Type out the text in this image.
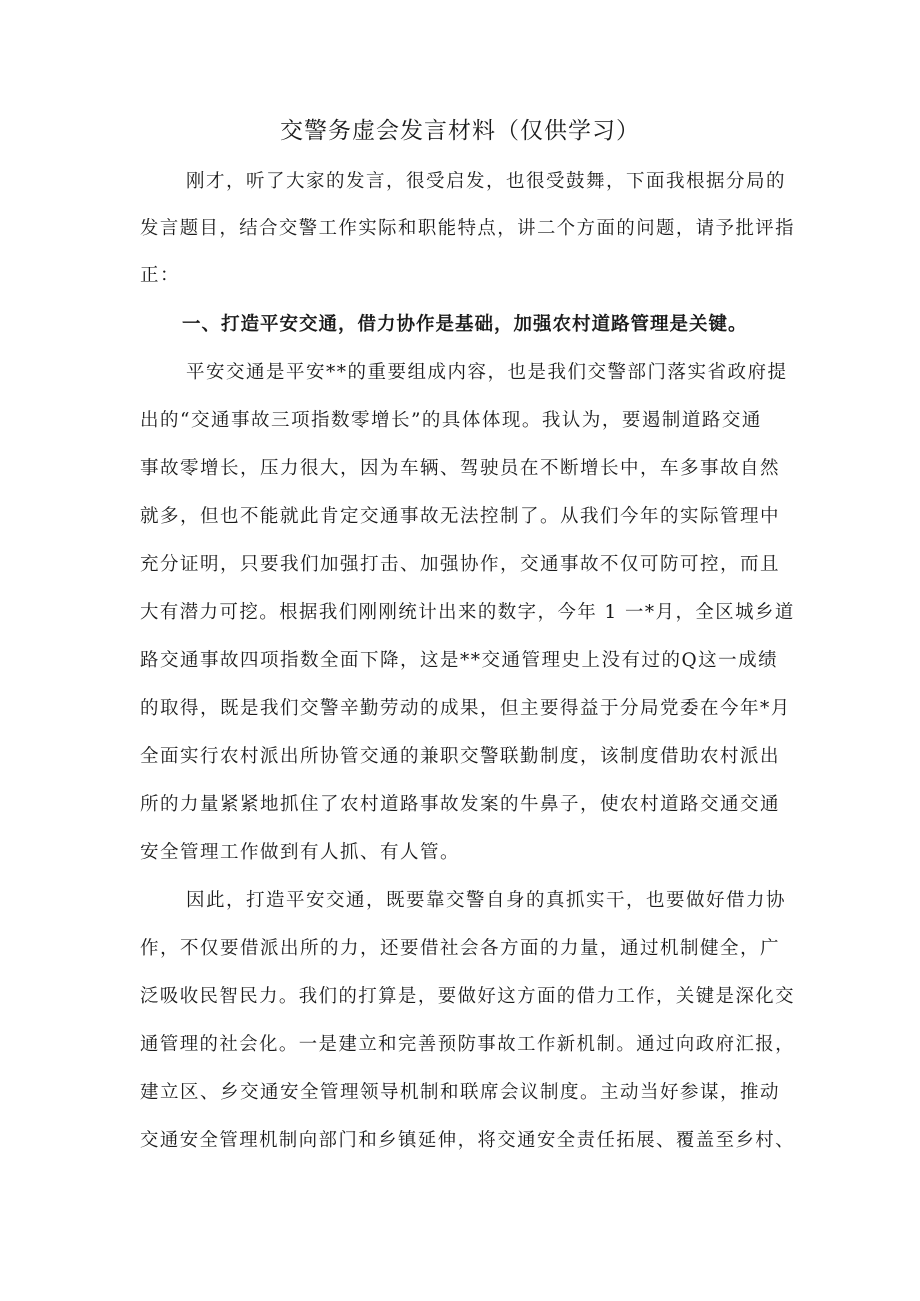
交警务虚会发言材料（仅供学习）
刚才，听了大家的发言，很受启发，也很受鼓舞，下面我根据分局的
发言题目，结合交警工作实际和职能特点，讲二个方面的问题，请予批评指
正：
一、打造平安交通，借力协作是基础，加强农村道路管理是关键。
平安交通是平安**的重要组成内容，也是我们交警部门落实省政府提
出的“交通事故三项指数零增长”的具体体现。我认为，要遏制道路交通
事故零增长，压力很大，因为车辆、驾驶员在不断增长中，车多事故自然
就多，但也不能就此肯定交通事故无法控制了。从我们今年的实际管理中
充分证明，只要我们加强打击、加强协作，交通事故不仅可防可控，而且
大有潜力可挖。根据我们刚刚统计出来的数字，今年 1 一*月，全区城乡道
路交通事故四项指数全面下降，这是**交通管理史上没有过的Q这一成绩
的取得，既是我们交警辛勤劳动的成果，但主要得益于分局党委在今年*月
全面实行农村派出所协管交通的兼职交警联勤制度，该制度借助农村派出
所的力量紧紧地抓住了农村道路事故发案的牛鼻子，使农村道路交通交通
安全管理工作做到有人抓、有人管。
因此，打造平安交通，既要靠交警自身的真抓实干，也要做好借力协
作，不仅要借派出所的力，还要借社会各方面的力量，通过机制健全，广
泛吸收民智民力。我们的打算是，要做好这方面的借力工作，关键是深化交
通管理的社会化。一是建立和完善预防事故工作新机制。通过向政府汇报，
建立区、乡交通安全管理领导机制和联席会议制度。主动当好参谋，推动
交通安全管理机制向部门和乡镇延伸，将交通安全责任拓展、覆盖至乡村、
